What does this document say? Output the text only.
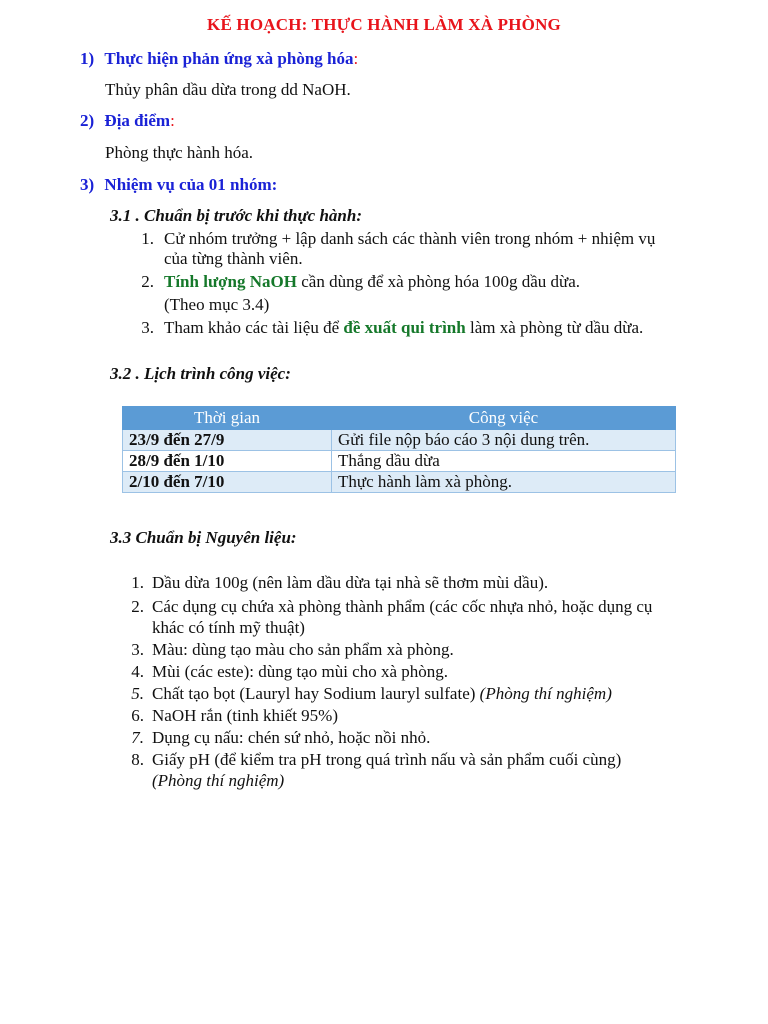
KẾ HOẠCH: THỰC HÀNH LÀM XÀ PHÒNG
1) Thực hiện phản ứng xà phòng hóa:
Thủy phân dầu dừa trong dd NaOH.
2) Địa điểm:
Phòng thực hành hóa.
3) Nhiệm vụ của 01 nhóm:
3.1 . Chuẩn bị trước khi thực hành:
1. Cử nhóm trưởng + lập danh sách các thành viên trong nhóm + nhiệm vụ
của từng thành viên.
2. Tính lượng NaOH cần dùng để xà phòng hóa 100g dầu dừa.
(Theo mục 3.4)
3. Tham khảo các tài liệu để đề xuất qui trình làm xà phòng từ dầu dừa.
3.2 . Lịch trình công việc:
Thời gian	Công việc
23/9 đến 27/9	Gửi file nộp báo cáo 3 nội dung trên.
28/9 đến 1/10	Thắng dầu dừa
2/10 đến 7/10	Thực hành làm xà phòng.
3.3 Chuẩn bị Nguyên liệu:
1. Dầu dừa 100g (nên làm dầu dừa tại nhà sẽ thơm mùi dầu).
2. Các dụng cụ chứa xà phòng thành phẩm (các cốc nhựa nhỏ, hoặc dụng cụ
khác có tính mỹ thuật)
3. Màu: dùng tạo màu cho sản phẩm xà phòng.
4. Mùi (các este): dùng tạo mùi cho xà phòng.
5. Chất tạo bọt (Lauryl hay Sodium lauryl sulfate) (Phòng thí nghiệm)
6. NaOH rắn (tinh khiết 95%)
7. Dụng cụ nấu: chén sứ nhỏ, hoặc nồi nhỏ.
8. Giấy pH (để kiểm tra pH trong quá trình nấu và sản phẩm cuối cùng)
(Phòng thí nghiệm)
